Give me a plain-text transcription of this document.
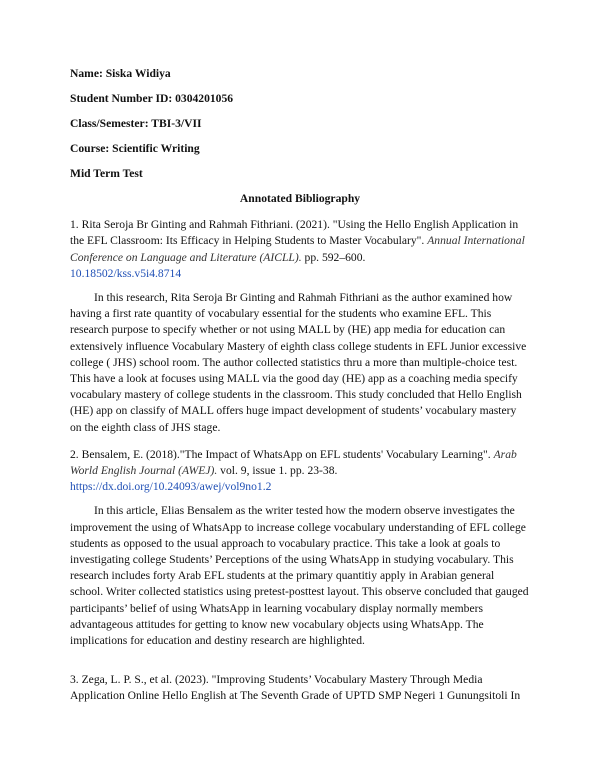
Name: Siska Widiya

Student Number ID: 0304201056

Class/Semester: TBI-3/VII

Course: Scientific Writing

Mid Term Test

Annotated Bibliography

1. Rita Seroja Br Ginting and Rahmah Fithriani. (2021). "Using the Hello English Application in the EFL Classroom: Its Efficacy in Helping Students to Master Vocabulary". Annual International Conference on Language and Literature (AICLL). pp. 592–600.
10.18502/kss.v5i4.8714

In this research, Rita Seroja Br Ginting and Rahmah Fithriani as the author examined how having a first rate quantity of vocabulary essential for the students who examine EFL. This research purpose to specify whether or not using MALL by (HE) app media for education can extensively influence Vocabulary Mastery of eighth class college students in EFL Junior excessive college ( JHS) school room. The author collected statistics thru a more than multiple-choice test. This have a look at focuses using MALL via the good day (HE) app as a coaching media specify vocabulary mastery of college students in the classroom. This study concluded that Hello English (HE) app on classify of MALL offers huge impact development of students’ vocabulary mastery on the eighth class of JHS stage.

2. Bensalem, E. (2018)."The Impact of WhatsApp on EFL students' Vocabulary Learning". Arab World English Journal (AWEJ). vol. 9, issue 1. pp. 23-38.
https://dx.doi.org/10.24093/awej/vol9no1.2

In this article, Elias Bensalem as the writer tested how the modern observe investigates the improvement the using of WhatsApp to increase college vocabulary understanding of EFL college students as opposed to the usual approach to vocabulary practice. This take a look at goals to investigating college Students’ Perceptions of the using WhatsApp in studying vocabulary. This research includes forty Arab EFL students at the primary quantitiy apply in Arabian general school. Writer collected statistics using pretest-posttest layout. This observe concluded that gauged participants’ belief of using WhatsApp in learning vocabulary display normally members advantageous attitudes for getting to know new vocabulary objects using WhatsApp. The implications for education and destiny research are highlighted.

3. Zega, L. P. S., et al. (2023). "Improving Students’ Vocabulary Mastery Through Media Application Online Hello English at The Seventh Grade of UPTD SMP Negeri 1 Gunungsitoli In
